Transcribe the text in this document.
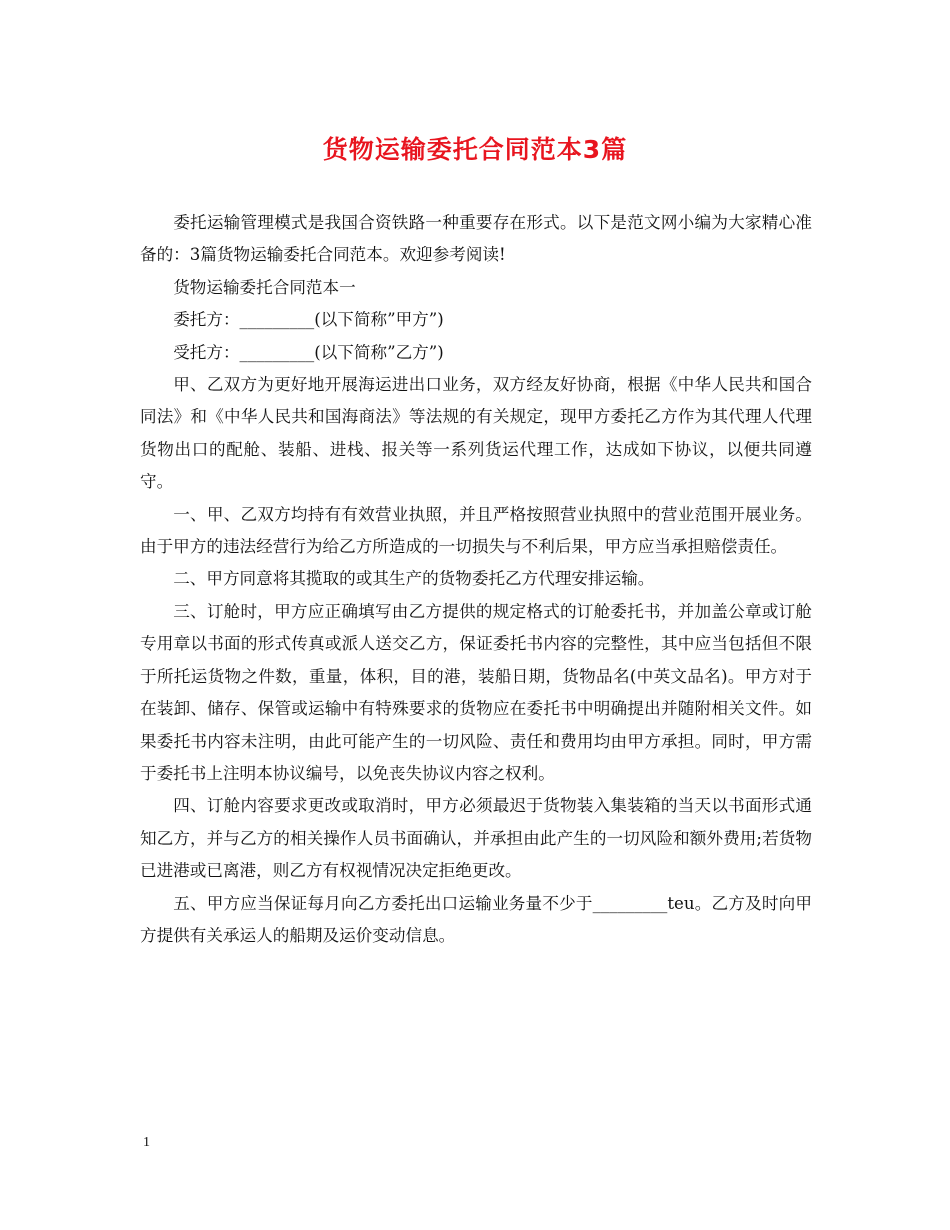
货物运输委托合同范本3篇

委托运输管理模式是我国合资铁路一种重要存在形式。以下是范文网小编为大家精心准备的：3篇货物运输委托合同范本。欢迎参考阅读!

货物运输委托合同范本一

委托方：_________(以下简称”甲方”)

受托方：_________(以下简称”乙方”)

甲、乙双方为更好地开展海运进出口业务，双方经友好协商，根据《中华人民共和国合同法》和《中华人民共和国海商法》等法规的有关规定，现甲方委托乙方作为其代理人代理货物出口的配舱、装船、进栈、报关等一系列货运代理工作，达成如下协议，以便共同遵守。

一、甲、乙双方均持有有效营业执照，并且严格按照营业执照中的营业范围开展业务。由于甲方的违法经营行为给乙方所造成的一切损失与不利后果，甲方应当承担赔偿责任。

二、甲方同意将其揽取的或其生产的货物委托乙方代理安排运输。

三、订舱时，甲方应正确填写由乙方提供的规定格式的订舱委托书，并加盖公章或订舱专用章以书面的形式传真或派人送交乙方，保证委托书内容的完整性，其中应当包括但不限于所托运货物之件数，重量，体积，目的港，装船日期，货物品名(中英文品名)。甲方对于在装卸、储存、保管或运输中有特殊要求的货物应在委托书中明确提出并随附相关文件。如果委托书内容未注明，由此可能产生的一切风险、责任和费用均由甲方承担。同时，甲方需于委托书上注明本协议编号，以免丧失协议内容之权利。

四、订舱内容要求更改或取消时，甲方必须最迟于货物装入集装箱的当天以书面形式通知乙方，并与乙方的相关操作人员书面确认，并承担由此产生的一切风险和额外费用;若货物已进港或已离港，则乙方有权视情况决定拒绝更改。

五、甲方应当保证每月向乙方委托出口运输业务量不少于_________teu。乙方及时向甲方提供有关承运人的船期及运价变动信息。

1
